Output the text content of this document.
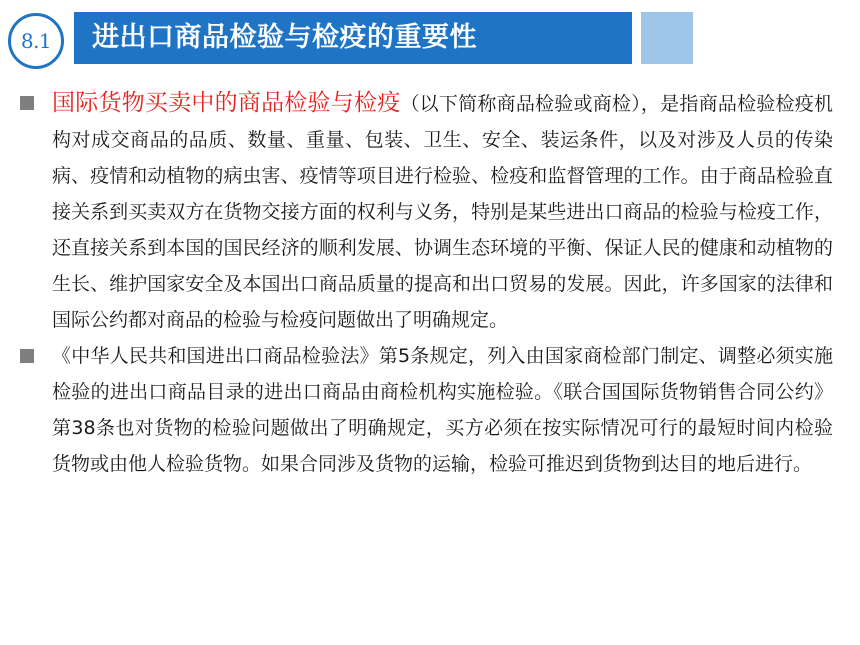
8.1 进出口商品检验与检疫的重要性
国际货物买卖中的商品检验与检疫（以下简称商品检验或商检），是指商品检验检疫机构对成交商品的品质、数量、重量、包装、卫生、安全、装运条件，以及对涉及人员的传染病、疫情和动植物的病虫害、疫情等项目进行检验、检疫和监督管理的工作。由于商品检验直接关系到买卖双方在货物交接方面的权利与义务，特别是某些进出口商品的检验与检疫工作，还直接关系到本国的国民经济的顺利发展、协调生态环境的平衡、保证人民的健康和动植物的生长、维护国家安全及本国出口商品质量的提高和出口贸易的发展。因此，许多国家的法律和国际公约都对商品的检验与检疫问题做出了明确规定。
《中华人民共和国进出口商品检验法》第5条规定，列入由国家商检部门制定、调整必须实施检验的进出口商品目录的进出口商品由商检机构实施检验。《联合国国际货物销售合同公约》第38条也对货物的检验问题做出了明确规定，买方必须在按实际情况可行的最短时间内检验货物或由他人检验货物。如果合同涉及货物的运输，检验可推迟到货物到达目的地后进行。
